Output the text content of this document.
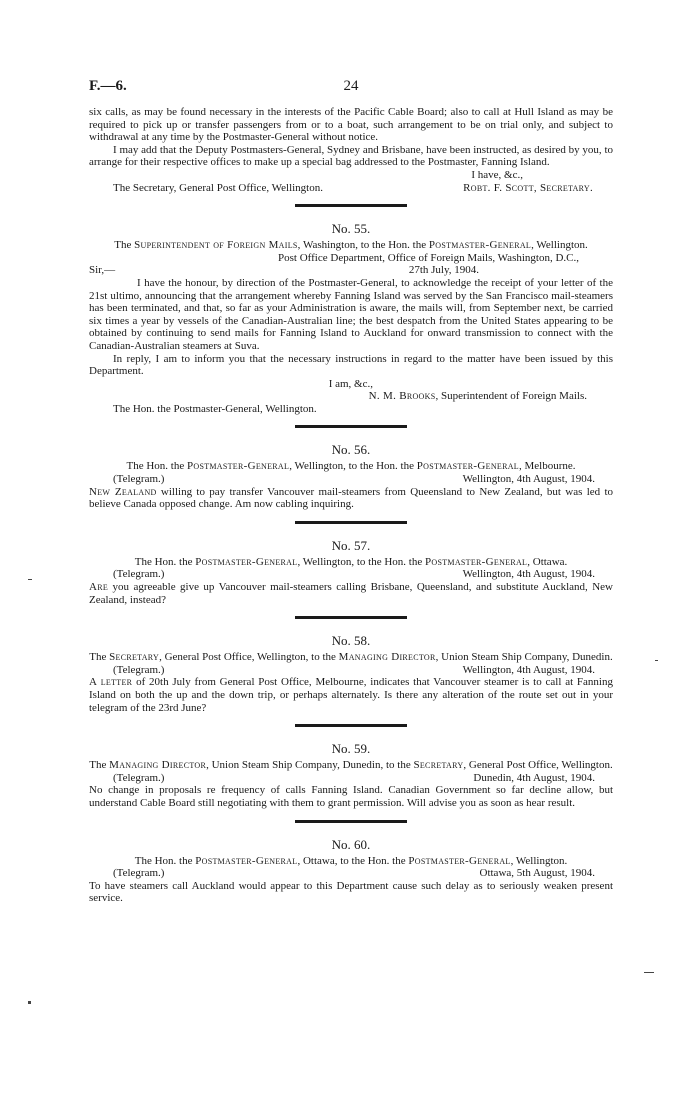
24
F.—6.

six calls, as may be found necessary in the interests of the Pacific Cable Board; also to call at Hull Island as may be required to pick up or transfer passengers from or to a boat, such arrangement to be on trial only, and subject to withdrawal at any time by the Postmaster-General without notice.

I may add that the Deputy Postmasters-General, Sydney and Brisbane, have been instructed, as desired by you, to arrange for their respective offices to make up a special bag addressed to the Postmaster, Fanning Island.

I have, &c.,
The Secretary, General Post Office, Wellington.	Robt. F. Scott, Secretary.
No. 55.

The Superintendent of Foreign Mails, Washington, to the Hon. the Postmaster-General, Wellington.

Post Office Department, Office of Foreign Mails, Washington, D.C.,

Sir,—	27th July, 1904.

I have the honour, by direction of the Postmaster-General, to acknowledge the receipt of your letter of the 21st ultimo, announcing that the arrangement whereby Fanning Island was served by the San Francisco mail-steamers has been terminated, and that, so far as your Administration is aware, the mails will, from September next, be carried six times a year by vessels of the Canadian-Australian line; the best despatch from the United States appearing to be obtained by continuing to send mails for Fanning Island to Auckland for onward transmission to connect with the Canadian-Australian steamers at Suva.

In reply, I am to inform you that the necessary instructions in regard to the matter have been issued by this Department.

I am, &c.,

N. M. Brooks, Superintendent of Foreign Mails.

The Hon. the Postmaster-General, Wellington.

No. 56.

The Hon. the Postmaster-General, Wellington, to the Hon. the Postmaster-General, Melbourne.

(Telegram.)	Wellington, 4th August, 1904.

New Zealand willing to pay transfer Vancouver mail-steamers from Queensland to New Zealand, but was led to believe Canada opposed change. Am now cabling inquiring.

No. 57.

The Hon. the Postmaster-General, Wellington, to the Hon. the Postmaster-General, Ottawa.

(Telegram.)	Wellington, 4th August, 1904.

Are you agreeable give up Vancouver mail-steamers calling Brisbane, Queensland, and substitute Auckland, New Zealand, instead?

No. 58.

The Secretary, General Post Office, Wellington, to the Managing Director, Union Steam Ship Company, Dunedin.

(Telegram.)	Wellington, 4th August, 1904.

A letter of 20th July from General Post Office, Melbourne, indicates that Vancouver steamer is to call at Fanning Island on both the up and the down trip, or perhaps alternately. Is there any alteration of the route set out in your telegram of the 23rd June?

No. 59.

The Managing Director, Union Steam Ship Company, Dunedin, to the Secretary, General Post Office, Wellington.

(Telegram.)	Dunedin, 4th August, 1904.

No change in proposals re frequency of calls Fanning Island. Canadian Government so far decline allow, but understand Cable Board still negotiating with them to grant permission. Will advise you as soon as hear result.

No. 60.

The Hon. the Postmaster-General, Ottawa, to the Hon. the Postmaster-General, Wellington.

(Telegram.)	Ottawa, 5th August, 1904.

To have steamers call Auckland would appear to this Department cause such delay as to seriously weaken present service.
